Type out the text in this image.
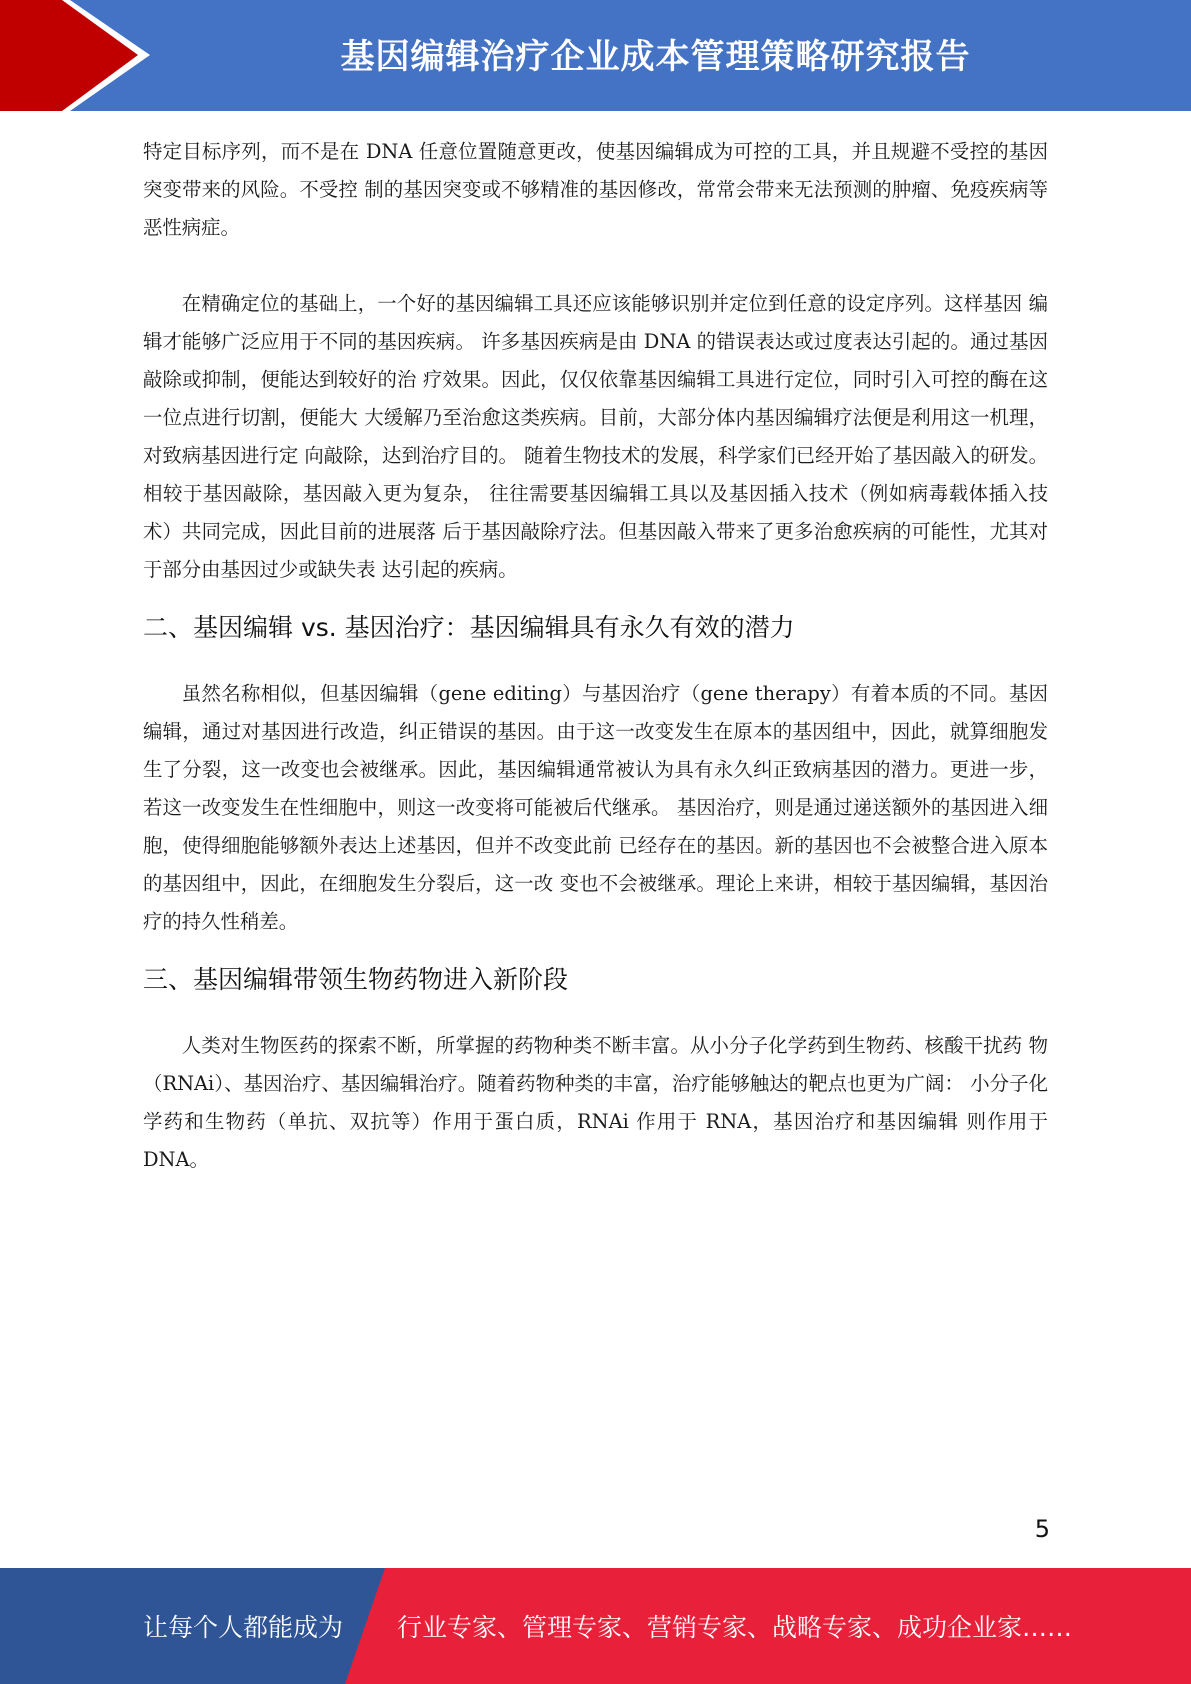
基因编辑治疗企业成本管理策略研究报告

特定目标序列，而不是在 DNA 任意位置随意更改，使基因编辑成为可控的工具，并且规避不受控的基因突变带来的风险。不受控 制的基因突变或不够精准的基因修改，常常会带来无法预测的肿瘤、免疫疾病等恶性病症。

在精确定位的基础上，一个好的基因编辑工具还应该能够识别并定位到任意的设定序列。这样基因 编辑才能够广泛应用于不同的基因疾病。 许多基因疾病是由 DNA 的错误表达或过度表达引起的。通过基因敲除或抑制，便能达到较好的治 疗效果。因此，仅仅依靠基因编辑工具进行定位，同时引入可控的酶在这一位点进行切割，便能大 大缓解乃至治愈这类疾病。目前，大部分体内基因编辑疗法便是利用这一机理，对致病基因进行定 向敲除，达到治疗目的。 随着生物技术的发展，科学家们已经开始了基因敲入的研发。相较于基因敲除，基因敲入更为复杂， 往往需要基因编辑工具以及基因插入技术（例如病毒载体插入技术）共同完成，因此目前的进展落 后于基因敲除疗法。但基因敲入带来了更多治愈疾病的可能性，尤其对于部分由基因过少或缺失表 达引起的疾病。

二、基因编辑 vs. 基因治疗：基因编辑具有永久有效的潜力

虽然名称相似，但基因编辑（gene editing）与基因治疗（gene therapy）有着本质的不同。基因编辑，通过对基因进行改造，纠正错误的基因。由于这一改变发生在原本的基因组中，因此，就算细胞发生了分裂，这一改变也会被继承。因此，基因编辑通常被认为具有永久纠正致病基因的潜力。更进一步，若这一改变发生在性细胞中，则这一改变将可能被后代继承。 基因治疗，则是通过递送额外的基因进入细胞，使得细胞能够额外表达上述基因，但并不改变此前 已经存在的基因。新的基因也不会被整合进入原本的基因组中，因此，在细胞发生分裂后，这一改 变也不会被继承。理论上来讲，相较于基因编辑，基因治疗的持久性稍差。

三、基因编辑带领生物药物进入新阶段

人类对生物医药的探索不断，所掌握的药物种类不断丰富。从小分子化学药到生物药、核酸干扰药 物（RNAi）、基因治疗、基因编辑治疗。随着药物种类的丰富，治疗能够触达的靶点也更为广阔： 小分子化学药和生物药（单抗、双抗等）作用于蛋白质，RNAi 作用于 RNA，基因治疗和基因编辑 则作用于 DNA。

5
让每个人都能成为 行业专家、管理专家、营销专家、战略专家、成功企业家……
